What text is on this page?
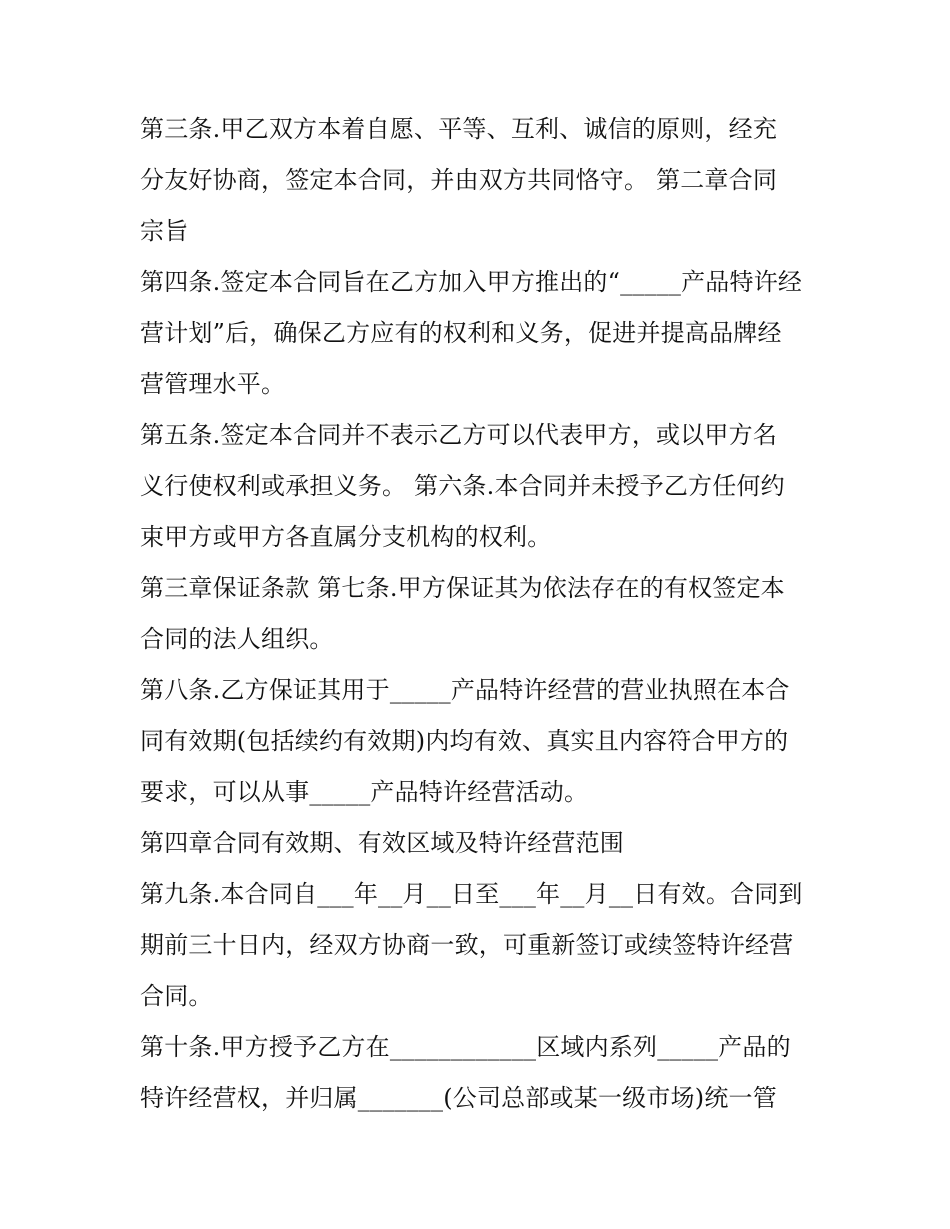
第三条.甲乙双方本着自愿、平等、互利、诚信的原则，经充
分友好协商，签定本合同，并由双方共同恪守。 第二章合同
宗旨
第四条.签定本合同旨在乙方加入甲方推出的“_____产品特许经
营计划”后，确保乙方应有的权利和义务，促进并提高品牌经
营管理水平。
第五条.签定本合同并不表示乙方可以代表甲方，或以甲方名
义行使权利或承担义务。 第六条.本合同并未授予乙方任何约
束甲方或甲方各直属分支机构的权利。
第三章保证条款 第七条.甲方保证其为依法存在的有权签定本
合同的法人组织。
第八条.乙方保证其用于_____产品特许经营的营业执照在本合
同有效期(包括续约有效期)内均有效、真实且内容符合甲方的
要求，可以从事_____产品特许经营活动。
第四章合同有效期、有效区域及特许经营范围
第九条.本合同自___年__月__日至___年__月__日有效。合同到
期前三十日内，经双方协商一致，可重新签订或续签特许经营
合同。
第十条.甲方授予乙方在____________区域内系列_____产品的
特许经营权，并归属_______(公司总部或某一级市场)统一管
